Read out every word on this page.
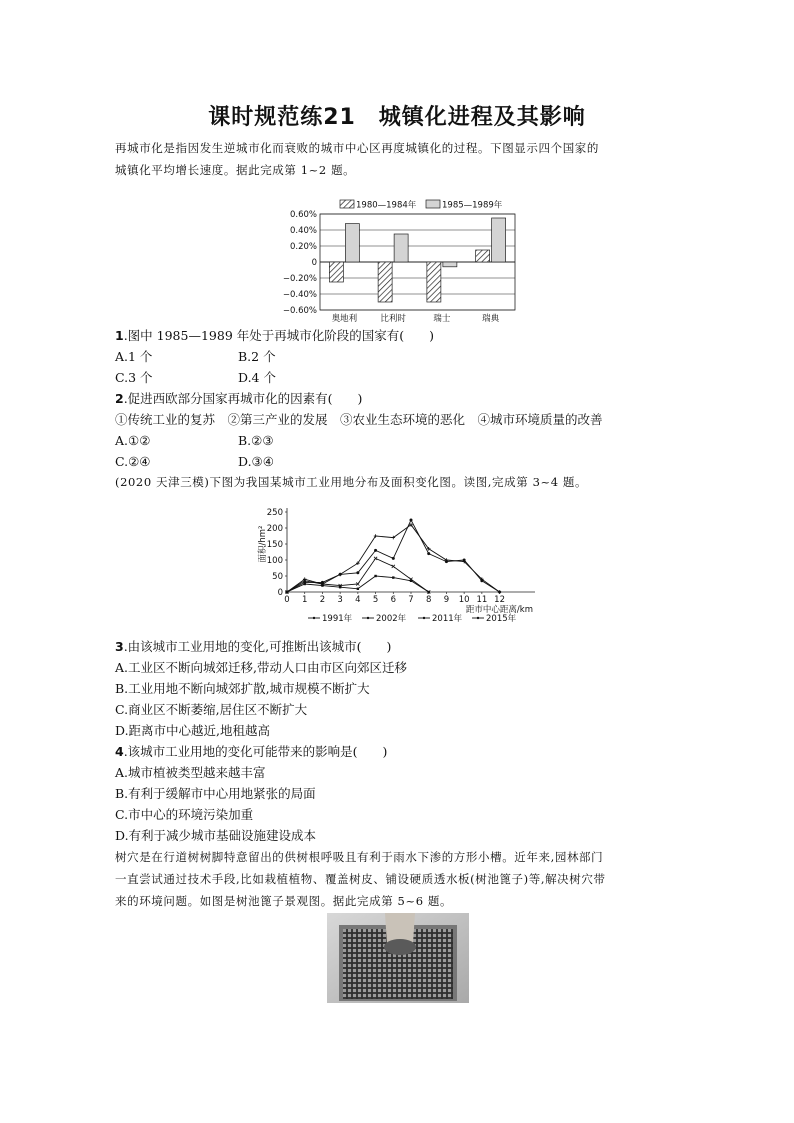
课时规范练21　城镇化进程及其影响
再城市化是指因发生逆城市化而衰败的城市中心区再度城镇化的过程。下图显示四个国家的
城镇化平均增长速度。据此完成第 1~2 题。
0.60%
0.40%
0.20%
0
−0.20%
−0.40%
−0.60%
1980—1984年	1985—1989年
奥地利	比利时	瑞士	瑞典
1.图中 1985—1989 年处于再城市化阶段的国家有(　　)
A.1 个	B.2 个
C.3 个	D.4 个
2.促进西欧部分国家再城市化的因素有(　　)
①传统工业的复苏　②第三产业的发展　③农业生态环境的恶化　④城市环境质量的改善
A.①②	B.②③
C.②④	D.③④
(2020 天津三模)下图为我国某城市工业用地分布及面积变化图。读图,完成第 3~4 题。
250
200
150
100
50
0
0 1 2 3 4 5 6 7 8 9 10 11 12
面积/hm²
距市中心距离/km
1991年	2002年	2011年	2015年
3.由该城市工业用地的变化,可推断出该城市(　　)
A.工业区不断向城郊迁移,带动人口由市区向郊区迁移
B.工业用地不断向城郊扩散,城市规模不断扩大
C.商业区不断萎缩,居住区不断扩大
D.距离市中心越近,地租越高
4.该城市工业用地的变化可能带来的影响是(　　)
A.城市植被类型越来越丰富
B.有利于缓解市中心用地紧张的局面
C.市中心的环境污染加重
D.有利于减少城市基础设施建设成本
树穴是在行道树树脚特意留出的供树根呼吸且有利于雨水下渗的方形小槽。近年来,园林部门
一直尝试通过技术手段,比如栽植植物、覆盖树皮、铺设硬质透水板(树池篦子)等,解决树穴带
来的环境问题。如图是树池篦子景观图。据此完成第 5~6 题。
